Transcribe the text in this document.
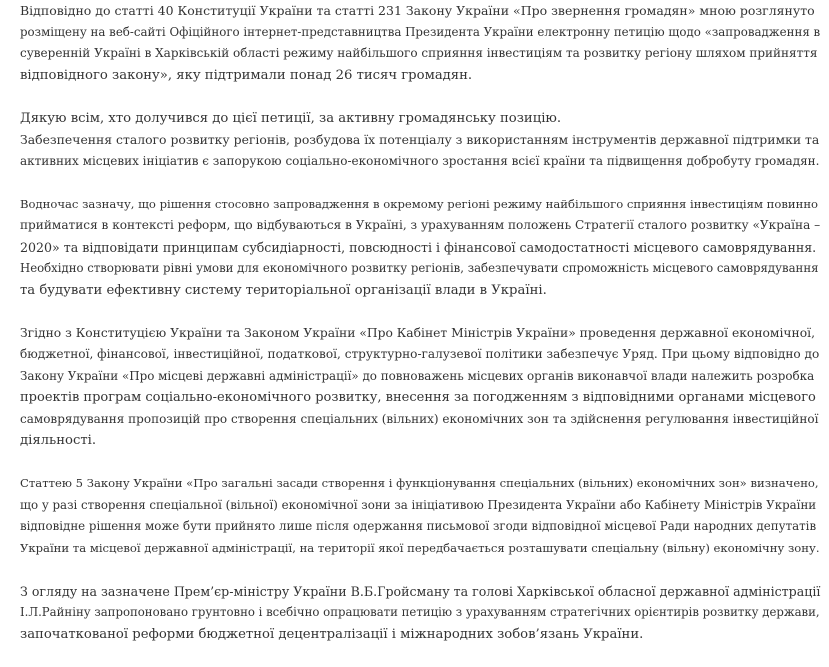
Відповідно до статті 40 Конституції України та статті 231 Закону України «Про звернення громадян» мною розглянуто
розміщену на веб-сайті Офіційного інтернет-представництва Президента України електронну петицію щодо «запровадження в
суверенній Україні в Харківській області режиму найбільшого сприяння інвестиціям та розвитку регіону шляхом прийняття
відповідного закону», яку підтримали понад 26 тисяч громадян.

Дякую всім, хто долучився до цієї петиції, за активну громадянську позицію.
Забезпечення сталого розвитку регіонів, розбудова їх потенціалу з використанням інструментів державної підтримки та
активних місцевих ініціатив є запорукою соціально-економічного зростання всієї країни та підвищення добробуту громадян.

Водночас зазначу, що рішення стосовно запровадження в окремому регіоні режиму найбільшого сприяння інвестиціям повинно
прийматися в контексті реформ, що відбуваються в Україні, з урахуванням положень Стратегії сталого розвитку «Україна –
2020» та відповідати принципам субсидіарності, повсюдності і фінансової самодостатності місцевого самоврядування.
Необхідно створювати рівні умови для економічного розвитку регіонів, забезпечувати спроможність місцевого самоврядування
та будувати ефективну систему територіальної організації влади в Україні.

Згідно з Конституцією України та Законом України «Про Кабінет Міністрів України» проведення державної економічної,
бюджетної, фінансової, інвестиційної, податкової, структурно-галузевої політики забезпечує Уряд. При цьому відповідно до
Закону України «Про місцеві державні адміністрації» до повноважень місцевих органів виконавчої влади належить розробка
проектів програм соціально-економічного розвитку, внесення за погодженням з відповідними органами місцевого
самоврядування пропозицій про створення спеціальних (вільних) економічних зон та здійснення регулювання інвестиційної
діяльності.

Статтею 5 Закону України «Про загальні засади створення і функціонування спеціальних (вільних) економічних зон» визначено,
що у разі створення спеціальної (вільної) економічної зони за ініціативою Президента України або Кабінету Міністрів України
відповідне рішення може бути прийнято лише після одержання письмової згоди відповідної місцевої Ради народних депутатів
України та місцевої державної адміністрації, на території якої передбачається розташувати спеціальну (вільну) економічну зону.

З огляду на зазначене Прем’єр-міністру України В.Б.Гройсману та голові Харківської обласної державної адміністрації
І.Л.Райніну запропоновано грунтовно і всебічно опрацювати петицію з урахуванням стратегічних орієнтирів розвитку держави,
започаткованої реформи бюджетної децентралізації і міжнародних зобов’язань України.
